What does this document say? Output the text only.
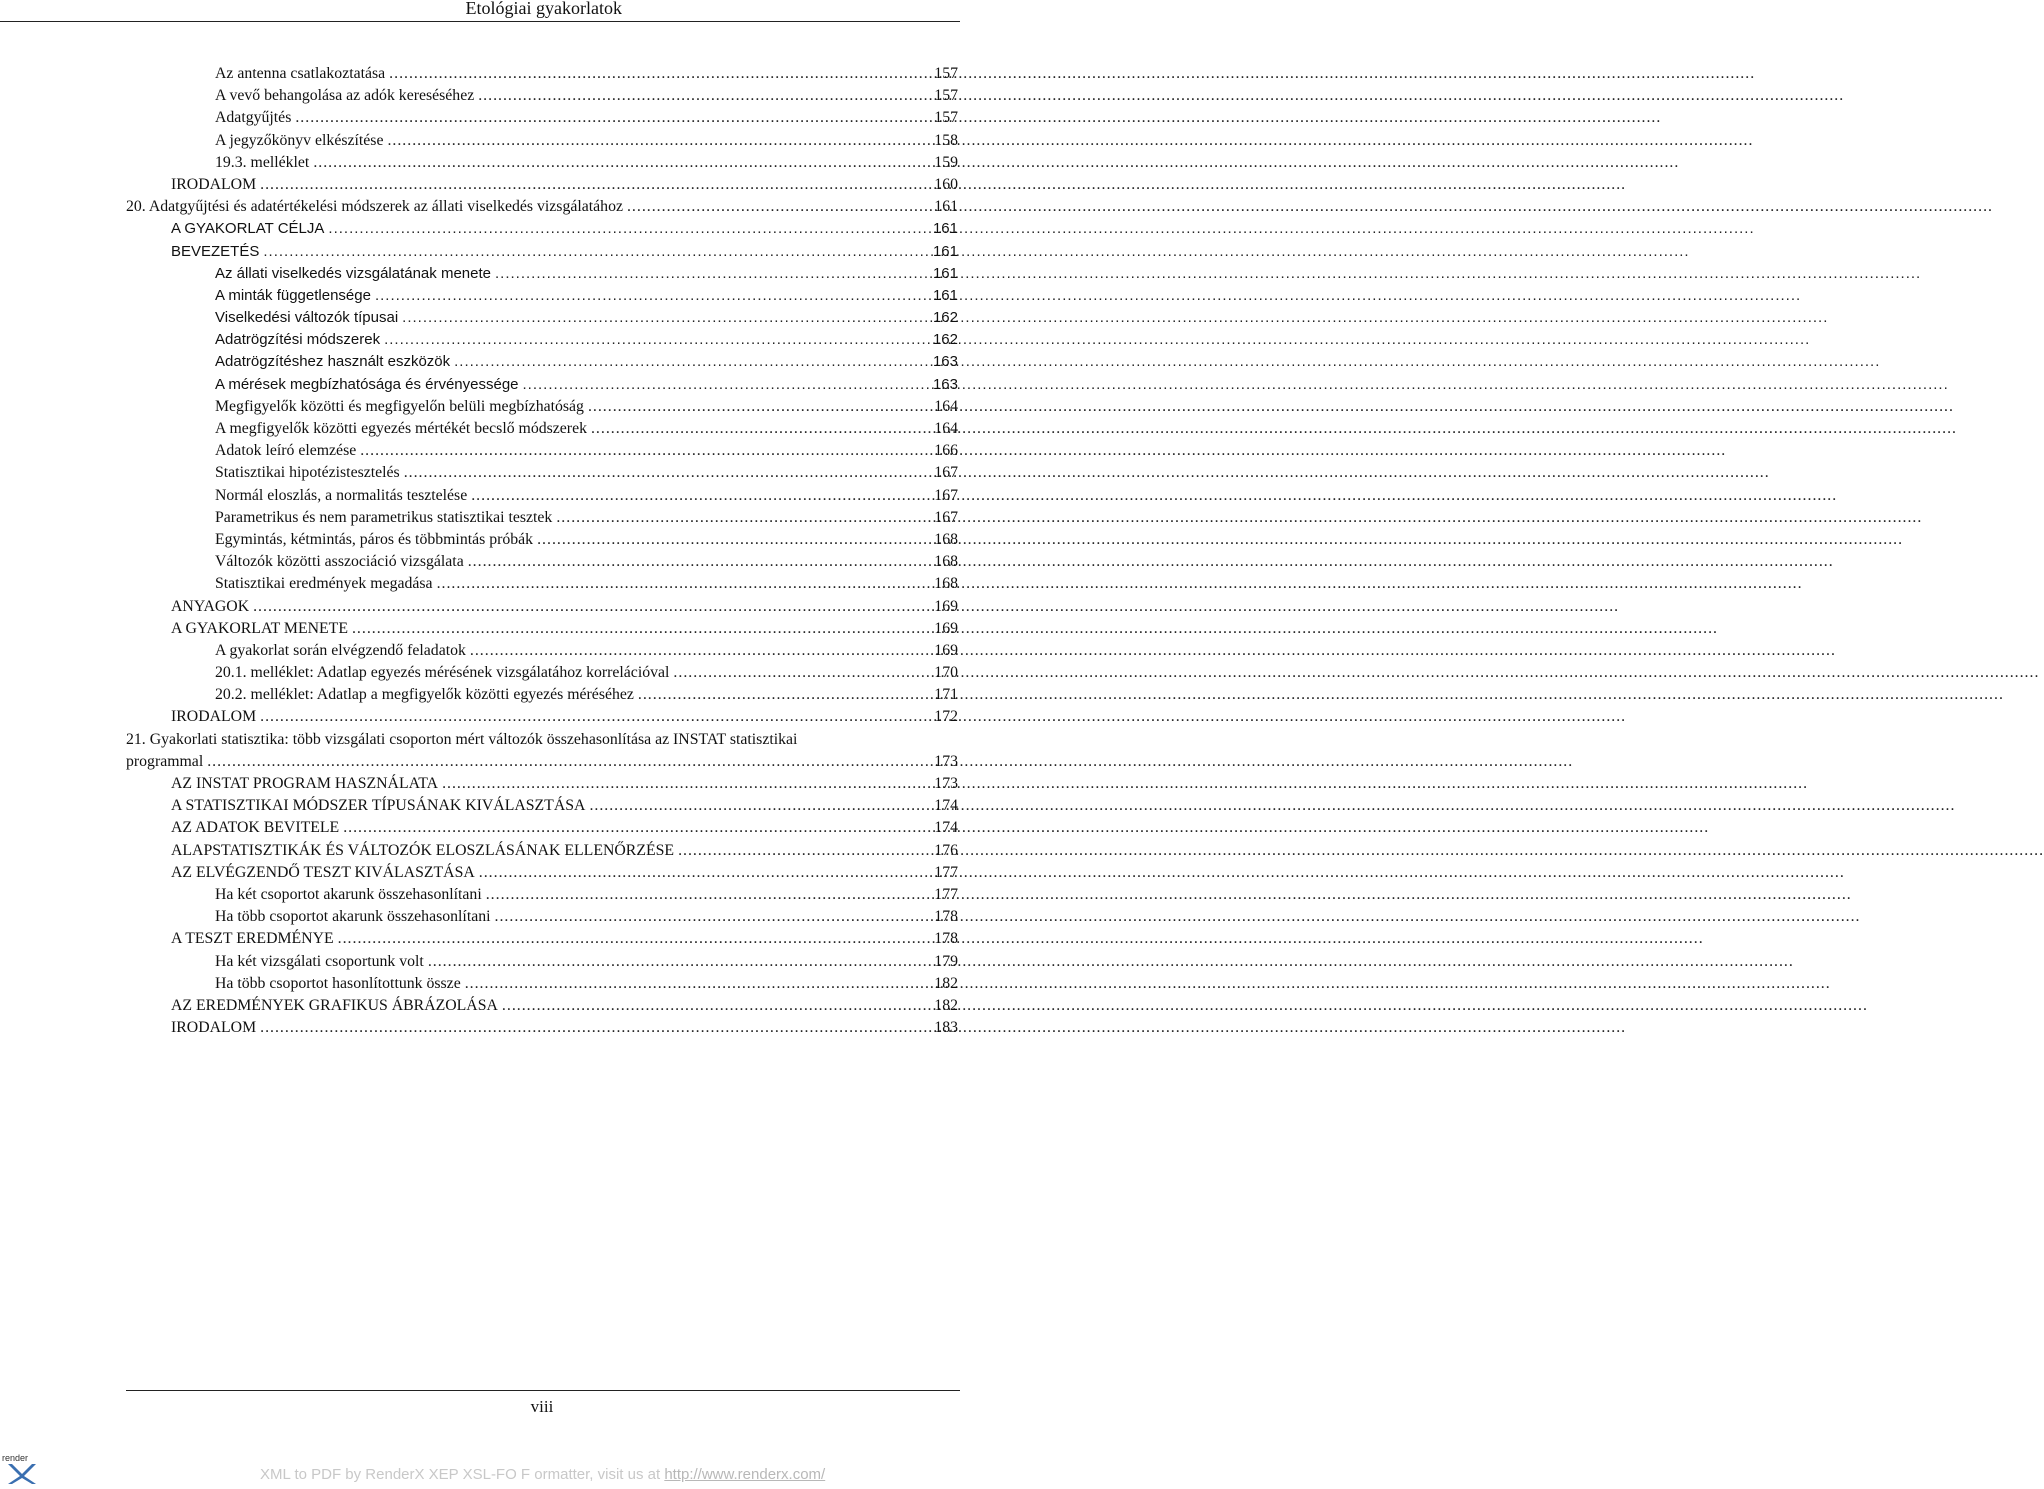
Etológiai gyakorlatok
Az antenna csatlakoztatása .....	157
A vevő behangolása az adók kereséséhez .....	157
Adatgyűjtés .....	157
A jegyzőkönyv elkészítése .....	158
19.3. melléklet .....	159
IRODALOM .....	160
20. Adatgyűjtési és adatértékelési módszerek az állati viselkedés vizsgálatához .....	161
A GYAKORLAT CÉLJA .....	161
BEVEZETÉS .....	161
Az állati viselkedés vizsgálatának menete .....	161
A minták függetlensége .....	161
Viselkedési változók típusai .....	162
Adatrögzítési módszerek .....	162
Adatrögzítéshez használt eszközök .....	163
A mérések megbízhatósága és érvényessége .....	163
Megfigyelők közötti és megfigyelőn belüli megbízhatóság .....	164
A megfigyelők közötti egyezés mértékét becslő módszerek .....	164
Adatok leíró elemzése .....	166
Statisztikai hipotézistesztelés .....	167
Normál eloszlás, a normalitás tesztelése .....	167
Parametrikus és nem parametrikus statisztikai tesztek .....	167
Egymintás, kétmintás, páros és többmintás próbák .....	168
Változók közötti asszociáció vizsgálata .....	168
Statisztikai eredmények megadása .....	168
ANYAGOK .....	169
A GYAKORLAT MENETE .....	169
A gyakorlat során elvégzendő feladatok .....	169
20.1. melléklet: Adatlap egyezés mérésének vizsgálatához korrelációval .....	170
20.2. melléklet: Adatlap a megfigyelők közötti egyezés méréséhez .....	171
IRODALOM .....	172
21. Gyakorlati statisztika: több vizsgálati csoporton mért változók összehasonlítása az INSTAT statisztikai
programmal .....	173
AZ INSTAT PROGRAM HASZNÁLATA .....	173
A STATISZTIKAI MÓDSZER TÍPUSÁNAK KIVÁLASZTÁSA .....	174
AZ ADATOK BEVITELE .....	174
ALAPSTATISZTIKÁK ÉS VÁLTOZÓK ELOSZLÁSÁNAK ELLENŐRZÉSE .....	176
AZ ELVÉGZENDŐ TESZT KIVÁLASZTÁSA .....	177
Ha két csoportot akarunk összehasonlítani .....	177
Ha több csoportot akarunk összehasonlítani .....	178
A TESZT EREDMÉNYE .....	178
Ha két vizsgálati csoportunk volt .....	179
Ha több csoportot hasonlítottunk össze .....	182
AZ EREDMÉNYEK GRAFIKUS ÁBRÁZOLÁSA .....	182
IRODALOM .....	183
viii
render
XML to PDF by RenderX XEP XSL-FO F ormatter, visit us at http://www.renderx.com/
